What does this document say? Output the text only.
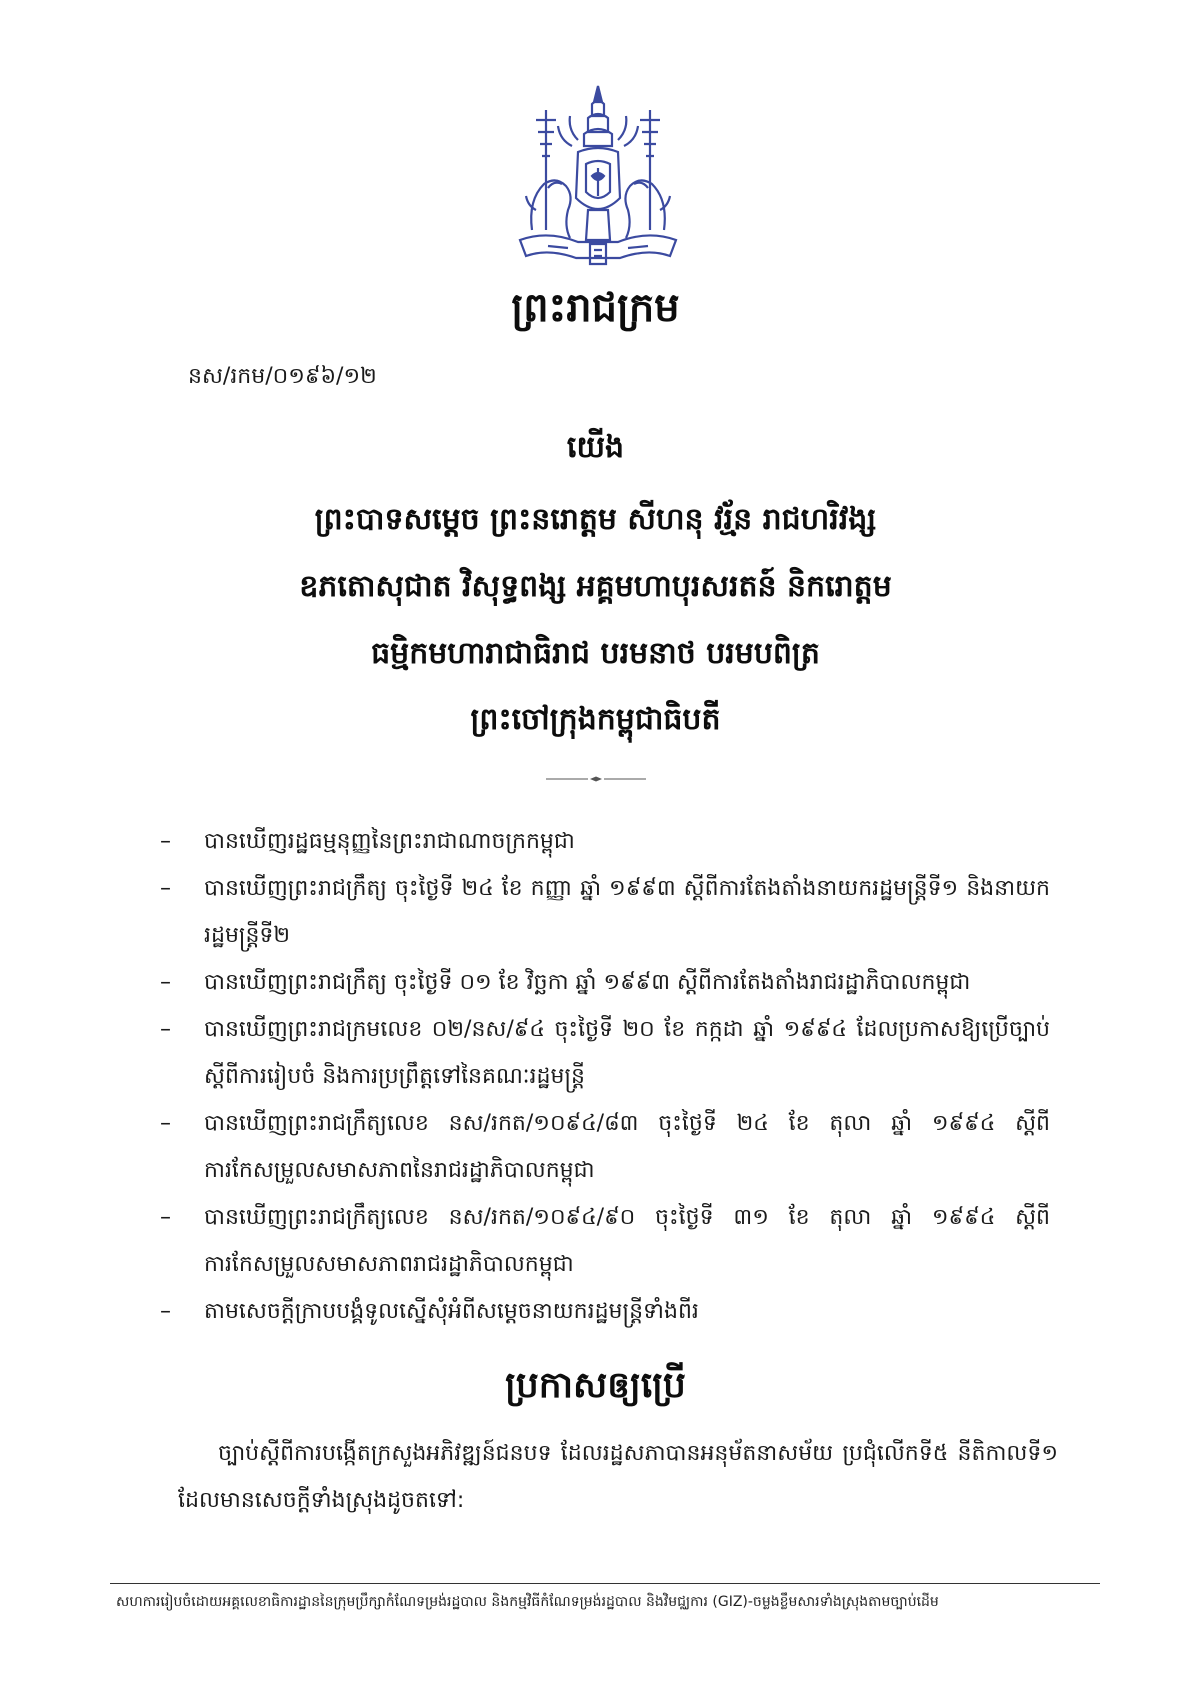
ព្រះរាជក្រម
នស/រកម/០១៩៦/១២
យើង
ព្រះបាទសម្តេច ព្រះនរោត្តម សីហនុ វរ្ម័ន រាជហរិវង្ស
ឧភតោសុជាត វិសុទ្ធពង្ស អគ្គមហាបុរសរតន៍ និករោត្តម
ធម្មិកមហារាជាធិរាជ បរមនាថ បរមបពិត្រ
ព្រះចៅក្រុងកម្ពុជាធិបតី
–	បានឃើញរដ្ឋធម្មនុញ្ញនៃព្រះរាជាណាចក្រកម្ពុជា
–	បានឃើញព្រះរាជក្រឹត្យ ចុះថ្ងៃទី ២៤ ខែ កញ្ញា ឆ្នាំ ១៩៩៣ ស្តីពីការតែងតាំងនាយករដ្ឋមន្ត្រីទី១ និងនាយករដ្ឋមន្ត្រីទី២
–	បានឃើញព្រះរាជក្រឹត្យ ចុះថ្ងៃទី ០១ ខែ វិច្ឆកា ឆ្នាំ ១៩៩៣ ស្តីពីការតែងតាំងរាជរដ្ឋាភិបាលកម្ពុជា
–	បានឃើញព្រះរាជក្រមលេខ ០២/នស/៩៤ ចុះថ្ងៃទី ២០ ខែ កក្កដា ឆ្នាំ ១៩៩៤ ដែលប្រកាសឱ្យប្រើច្បាប់ស្តីពីការរៀបចំ និងការប្រព្រឹត្តទៅនៃគណៈរដ្ឋមន្ត្រី
–	បានឃើញព្រះរាជក្រឹត្យលេខ នស/រកត/១០៩៤/៨៣ ចុះថ្ងៃទី ២៤ ខែ តុលា ឆ្នាំ ១៩៩៤ ស្តីពីការកែសម្រួលសមាសភាពនៃរាជរដ្ឋាភិបាលកម្ពុជា
–	បានឃើញព្រះរាជក្រឹត្យលេខ នស/រកត/១០៩៤/៩០ ចុះថ្ងៃទី ៣១ ខែ តុលា ឆ្នាំ ១៩៩៤ ស្តីពីការកែសម្រួលសមាសភាពរាជរដ្ឋាភិបាលកម្ពុជា
–	តាមសេចក្តីក្រាបបង្គំទូលស្នើសុំអំពីសម្តេចនាយករដ្ឋមន្ត្រីទាំងពីរ
ប្រកាសឲ្យប្រើ
ច្បាប់ស្តីពីការបង្កើតក្រសួងអភិវឌ្ឍន៍ជនបទ ដែលរដ្ឋសភាបានអនុម័តនាសម័យ ប្រជុំលើកទី៥ នីតិកាលទី១ ដែលមានសេចក្តីទាំងស្រុងដូចតទៅ:
សហការរៀបចំដោយអគ្គលេខាធិការដ្ឋាននៃក្រុមប្រឹក្សាកំណែទម្រង់រដ្ឋបាល និងកម្មវិធីកំណែទម្រង់រដ្ឋបាល និងវិមជ្ឈការ (GIZ)-ចម្លងខ្លឹមសារទាំងស្រុងតាមច្បាប់ដើម
